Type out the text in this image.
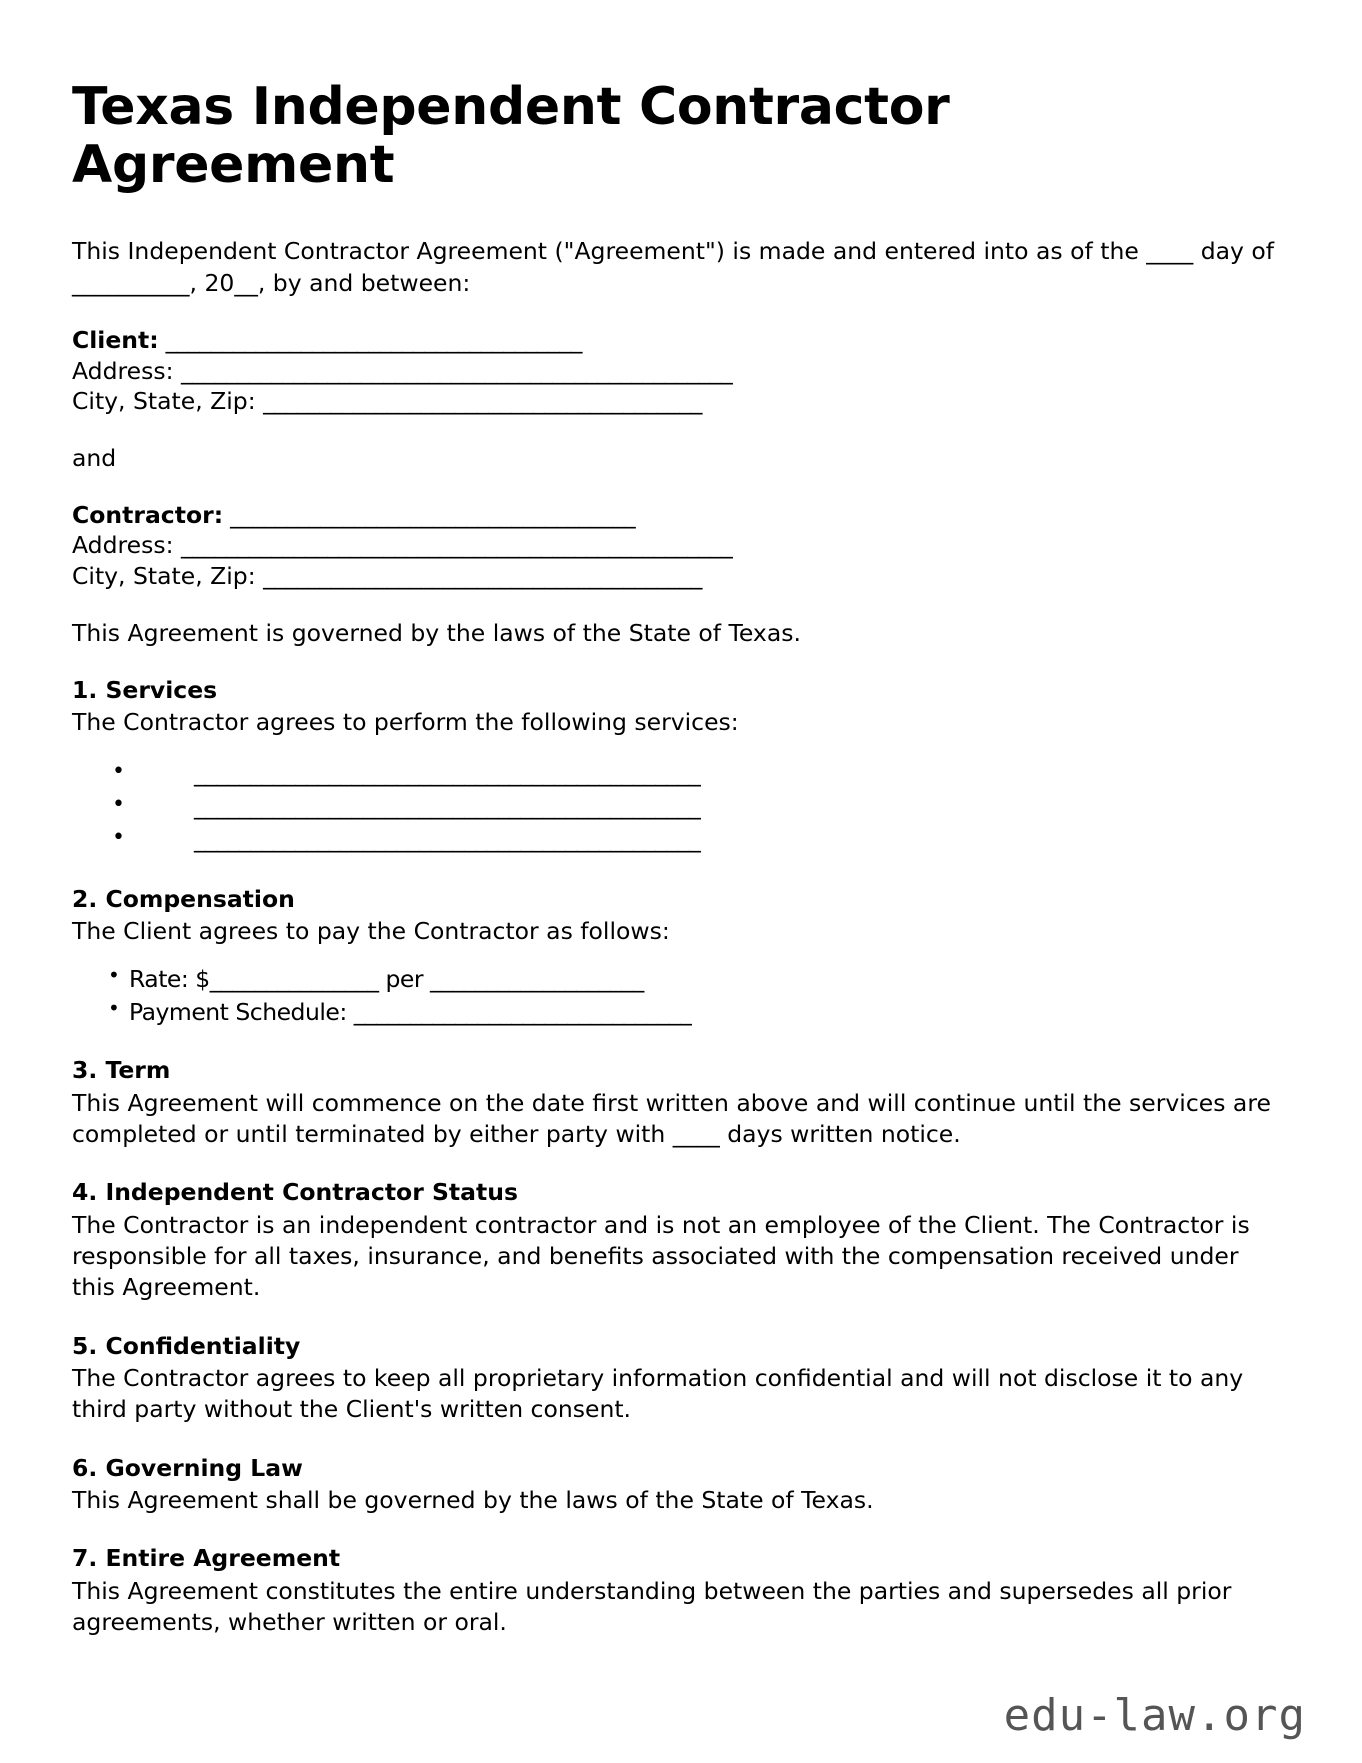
Texas Independent Contractor Agreement

This Independent Contractor Agreement ("Agreement") is made and entered into as of the ____ day of __________, 20__, by and between:

Client: _____________________________________
Address: _________________________________________________
City, State, Zip: _______________________________________

and

Contractor: ____________________________________
Address: _________________________________________________
City, State, Zip: _______________________________________

This Agreement is governed by the laws of the State of Texas.

1. Services
The Contractor agrees to perform the following services:
• _____________________________________________
• _____________________________________________
• _____________________________________________
2. Compensation
The Client agrees to pay the Contractor as follows:
• Rate: $_______________ per ___________________
• Payment Schedule: ______________________________
3. Term
This Agreement will commence on the date first written above and will continue until the services are completed or until terminated by either party with ____ days written notice.
4. Independent Contractor Status
The Contractor is an independent contractor and is not an employee of the Client. The Contractor is responsible for all taxes, insurance, and benefits associated with the compensation received under this Agreement.
5. Confidentiality
The Contractor agrees to keep all proprietary information confidential and will not disclose it to any third party without the Client's written consent.
6. Governing Law
This Agreement shall be governed by the laws of the State of Texas.
7. Entire Agreement
This Agreement constitutes the entire understanding between the parties and supersedes all prior agreements, whether written or oral.
edu-law.org
